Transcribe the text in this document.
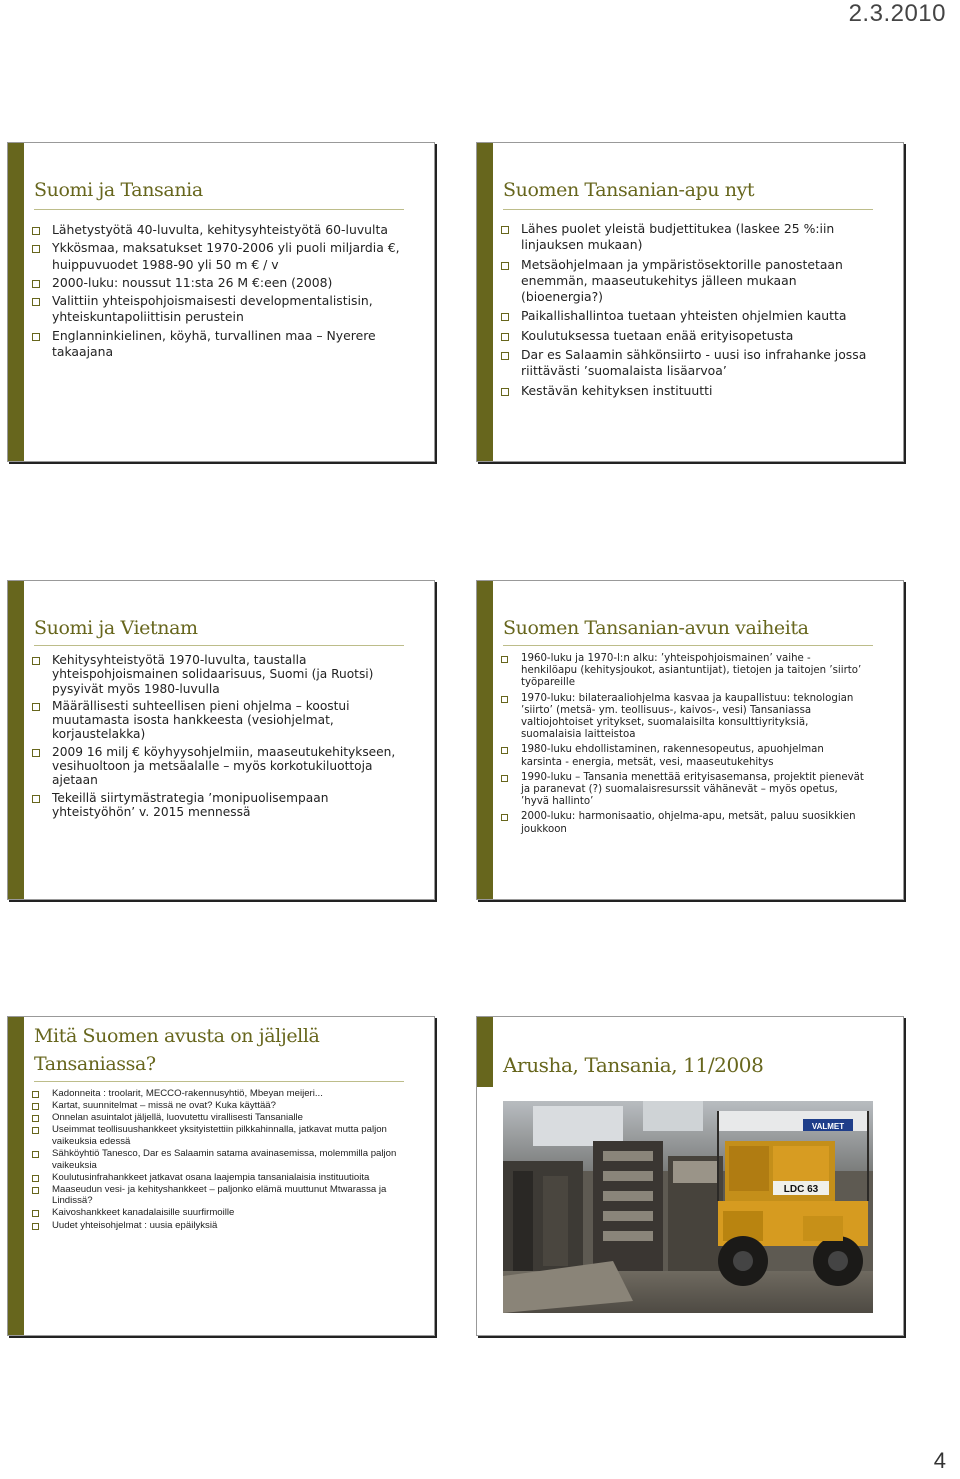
2.3.2010
Suomi ja Tansania
Lähetystyötä 40-luvulta, kehitysyhteistyötä 60-luvulta
Ykkösmaa, maksatukset 1970-2006 yli puoli miljardia €, huippuvuodet 1988-90 yli 50 m € / v
2000-luku: noussut 11:sta 26 M €:een (2008)
Valittiin yhteispohjoismaisesti developmentalistisin, yhteiskuntapoliittisin perustein
Englanninkielinen, köyhä, turvallinen maa – Nyerere takaajana
Suomen Tansanian-apu nyt
Lähes puolet yleistä budjettitukea (laskee 25 %:iin linjauksen mukaan)
Metsäohjelmaan ja ympäristösektorille panostetaan enemmän, maaseutukehitys jälleen mukaan (bioenergia?)
Paikallishallintoa tuetaan yhteisten ohjelmien kautta
Koulutuksessa tuetaan enää erityisopetusta
Dar es Salaamin sähkönsiirto - uusi iso infrahanke jossa riittävästi ’suomalaista lisäarvoa’
Kestävän kehityksen instituutti
Suomi ja Vietnam
Kehitysyhteistyötä 1970-luvulta, taustalla yhteispohjoismainen solidaarisuus, Suomi (ja Ruotsi) pysyivät myös 1980-luvulla
Määrällisesti suhteellisen pieni ohjelma – koostui muutamasta isosta hankkeesta (vesiohjelmat, korjaustelakka)
2009 16 milj € köyhyysohjelmiin, maaseutukehitykseen, vesihuoltoon ja metsäalalle – myös korkotukiluottoja ajetaan
Tekeillä siirtymästrategia ’monipuolisempaan yhteistyöhön’ v. 2015 mennessä
Suomen Tansanian-avun vaiheita
1960-luku ja 1970-l:n alku: ’yhteispohjoismainen’ vaihe - henkilöapu (kehitysjoukot, asiantuntijat), tietojen ja taitojen ’siirto’ työpareille
1970-luku: bilateraaliohjelma kasvaa ja kaupallistuu: teknologian ’siirto’ (metsä- ym. teollisuus-, kaivos-, vesi) Tansaniassa valtiojohtoiset yritykset, suomalaisilta konsulttiyrityksiä, suomalaisia laitteistoa
1980-luku ehdollistaminen, rakennesopeutus, apuohjelman karsinta - energia, metsät, vesi, maaseutukehitys
1990-luku – Tansania menettää erityisasemansa, projektit pienevät ja paranevat (?) suomalaisresurssit vähänevät – myös opetus, ’hyvä hallinto’
2000-luku: harmonisaatio, ohjelma-apu, metsät, paluu suosikkien joukkoon
Mitä Suomen avusta on jäljellä Tansaniassa?
Kadonneita : troolarit, MECCO-rakennusyhtiö, Mbeyan meijeri...
Kartat, suunnitelmat – missä ne ovat? Kuka käyttää?
Onnelan asuintalot jäljellä, luovutettu virallisesti Tansanialle
Useimmat teollisuushankkeet yksityistettiin pilkkahinnalla, jatkavat mutta paljon vaikeuksia edessä
Sähköyhtiö Tanesco, Dar es Salaamin satama avainasemissa, molemmilla paljon vaikeuksia
Koulutusinfrahankkeet jatkavat osana laajempia tansanialaisia instituutioita
Maaseudun vesi- ja kehityshankkeet – paljonko elämä muuttunut Mtwarassa ja Lindissä?
Kaivoshankkeet kanadalaisille suurfirmoille
Uudet yhteisohjelmat : uusia epäilyksiä
Arusha, Tansania, 11/2008
VALMET
LDC 63
4
